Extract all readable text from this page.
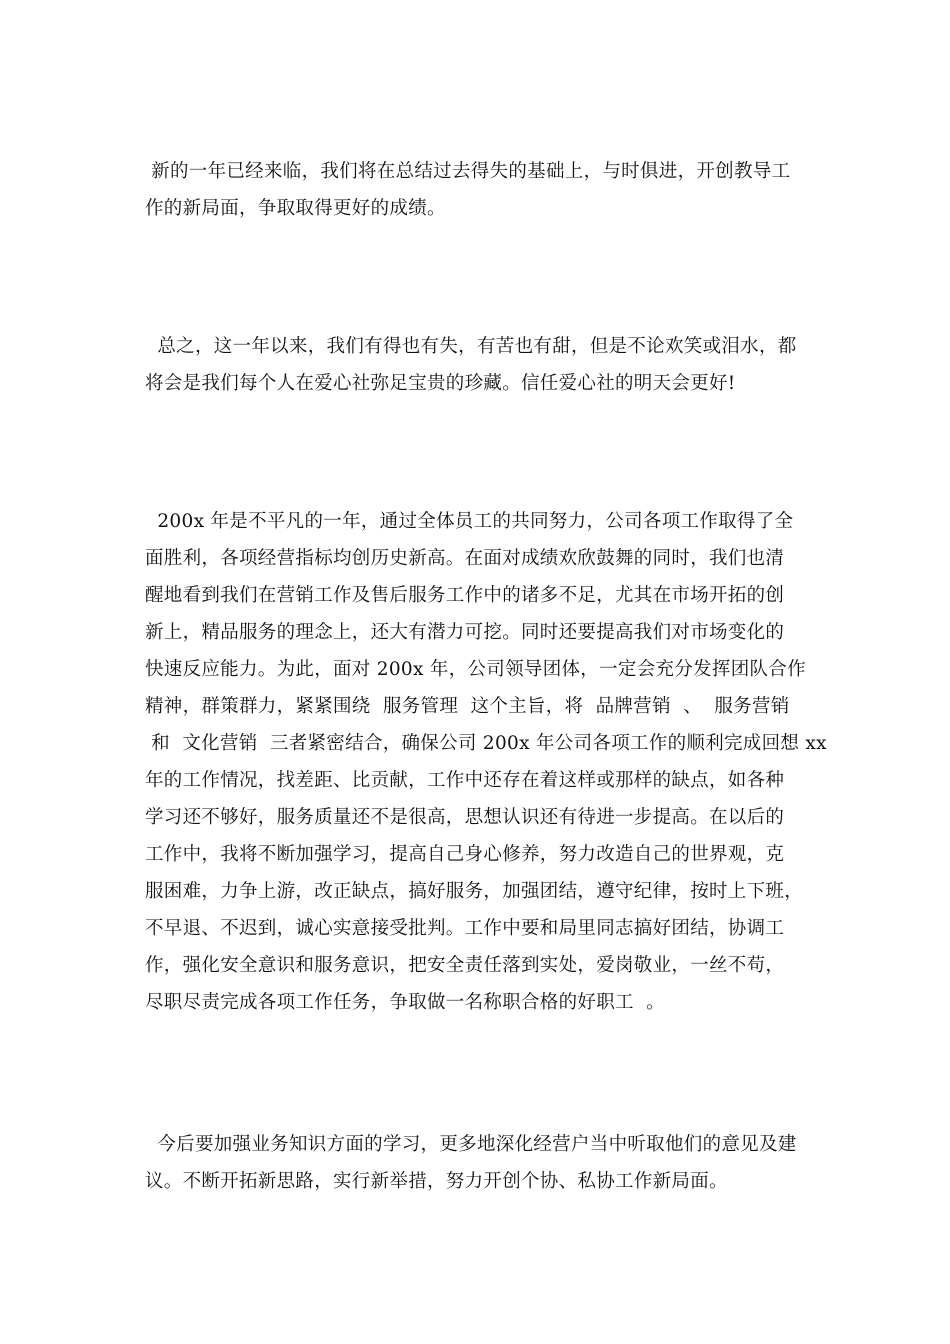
新的一年已经来临，我们将在总结过去得失的基础上，与时俱进，开创教导工
作的新局面，争取取得更好的成绩。
总之，这一年以来，我们有得也有失，有苦也有甜，但是不论欢笑或泪水，都
将会是我们每个人在爱心社弥足宝贵的珍藏。信任爱心社的明天会更好!
200x 年是不平凡的一年，通过全体员工的共同努力，公司各项工作取得了全
面胜利，各项经营指标均创历史新高。在面对成绩欢欣鼓舞的同时，我们也清
醒地看到我们在营销工作及售后服务工作中的诸多不足，尤其在市场开拓的创
新上，精品服务的理念上，还大有潜力可挖。同时还要提高我们对市场变化的
快速反应能力。为此，面对 200x 年，公司领导团体，一定会充分发挥团队合作
精神，群策群力，紧紧围绕  服务管理  这个主旨，将  品牌营销  、  服务营销
和  文化营销  三者紧密结合，确保公司 200x 年公司各项工作的顺利完成回想 xx
年的工作情况，找差距、比贡献，工作中还存在着这样或那样的缺点，如各种
学习还不够好，服务质量还不是很高，思想认识还有待进一步提高。在以后的
工作中，我将不断加强学习，提高自己身心修养，努力改造自己的世界观，克
服困难，力争上游，改正缺点，搞好服务，加强团结，遵守纪律，按时上下班，
不早退、不迟到，诚心实意接受批判。工作中要和局里同志搞好团结，协调工
作，强化安全意识和服务意识，把安全责任落到实处，爱岗敬业，一丝不苟，
尽职尽责完成各项工作任务，争取做一名称职合格的好职工  。
今后要加强业务知识方面的学习，更多地深化经营户当中听取他们的意见及建
议。不断开拓新思路，实行新举措，努力开创个协、私协工作新局面。
